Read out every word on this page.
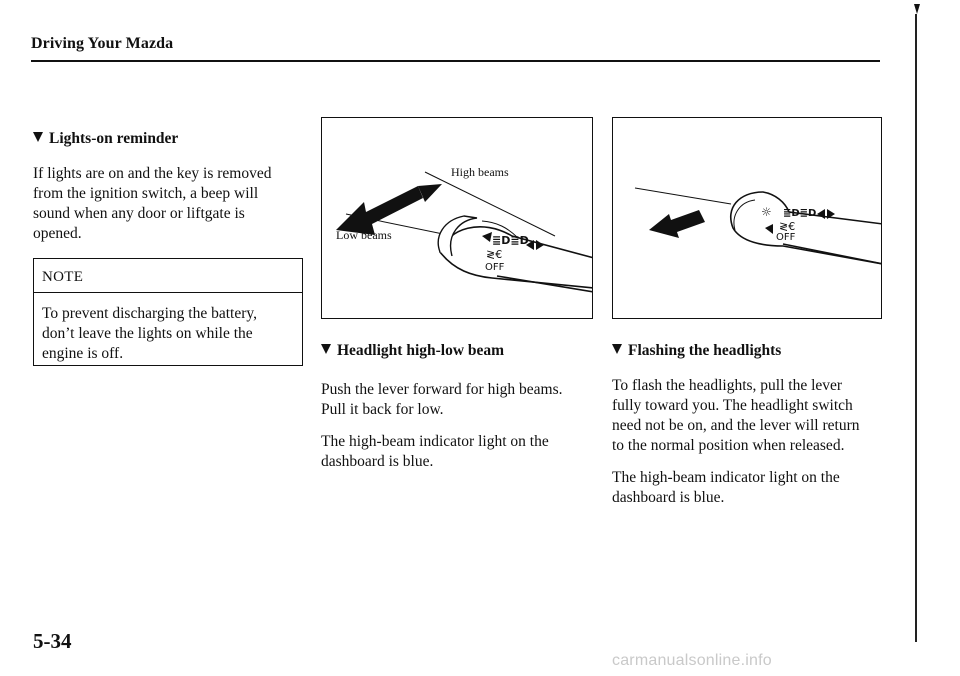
Driving Your Mazda
Lights-on reminder

If lights are on and the key is removed
from the ignition switch, a beep will
sound when any door or liftgate is
opened.

NOTE

To prevent discharging the battery,
don’t leave the lights on while the
engine is off.

≣D≣D
≷€
High beams
Low beams
OFF
☼ ≣D≣D
≷€
OFF
Headlight high-low beam

Push the lever forward for high beams.
Pull it back for low.

The high-beam indicator light on the
dashboard is blue.

Flashing the headlights

To flash the headlights, pull the lever
fully toward you. The headlight switch
need not be on, and the lever will return
to the normal position when released.

The high-beam indicator light on the
dashboard is blue.

5-34
carmanualsonline.info
